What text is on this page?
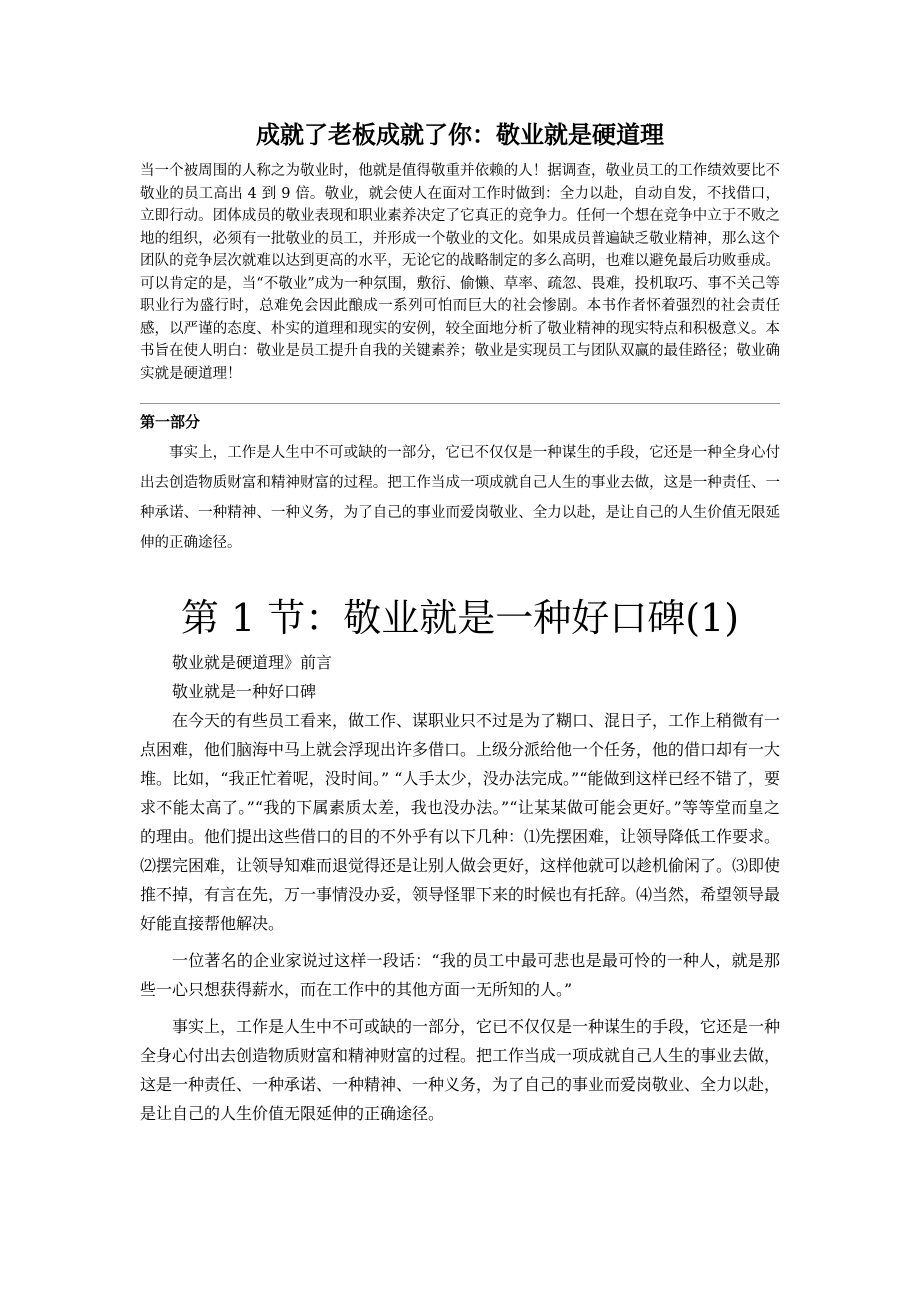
成就了老板成就了你：敬业就是硬道理

当一个被周围的人称之为敬业时，他就是值得敬重并依赖的人！据调查，敬业员工的工作绩效要比不敬业的员工高出 4 到 9 倍。敬业，就会使人在面对工作时做到：全力以赴，自动自发，不找借口，立即行动。团体成员的敬业表现和职业素养决定了它真正的竞争力。任何一个想在竞争中立于不败之地的组织，必须有一批敬业的员工，并形成一个敬业的文化。如果成员普遍缺乏敬业精神，那么这个团队的竞争层次就难以达到更高的水平，无论它的战略制定的多么高明，也难以避免最后功败垂成。可以肯定的是，当“不敬业”成为一种氛围，敷衍、偷懒、草率、疏忽、畏难，投机取巧、事不关己等职业行为盛行时，总难免会因此酿成一系列可怕而巨大的社会惨剧。本书作者怀着强烈的社会责任感，以严谨的态度、朴实的道理和现实的安例，较全面地分析了敬业精神的现实特点和积极意义。本书旨在使人明白：敬业是员工提升自我的关键素养；敬业是实现员工与团队双赢的最佳路径；敬业确实就是硬道理！

第一部分

事实上，工作是人生中不可或缺的一部分，它已不仅仅是一种谋生的手段，它还是一种全身心付出去创造物质财富和精神财富的过程。把工作当成一项成就自己人生的事业去做，这是一种责任、一种承诺、一种精神、一种义务，为了自己的事业而爱岗敬业、全力以赴，是让自己的人生价值无限延伸的正确途径。

第 1 节：敬业就是一种好口碑(1)

敬业就是硬道理》前言

敬业就是一种好口碑

在今天的有些员工看来，做工作、谋职业只不过是为了糊口、混日子，工作上稍微有一点困难，他们脑海中马上就会浮现出许多借口。上级分派给他一个任务，他的借口却有一大堆。比如，“我正忙着呢，没时间。” “人手太少，没办法完成。”“能做到这样已经不错了，要求不能太高了。”“我的下属素质太差，我也没办法。”“让某某做可能会更好。”等等堂而皇之的理由。他们提出这些借口的目的不外乎有以下几种：⑴先摆困难，让领导降低工作要求。⑵摆完困难，让领导知难而退觉得还是让别人做会更好，这样他就可以趁机偷闲了。⑶即使推不掉，有言在先，万一事情没办妥，领导怪罪下来的时候也有托辞。⑷当然，希望领导最好能直接帮他解决。

一位著名的企业家说过这样一段话：“我的员工中最可悲也是最可怜的一种人，就是那些一心只想获得薪水，而在工作中的其他方面一无所知的人。”

事实上，工作是人生中不可或缺的一部分，它已不仅仅是一种谋生的手段，它还是一种全身心付出去创造物质财富和精神财富的过程。把工作当成一项成就自己人生的事业去做，这是一种责任、一种承诺、一种精神、一种义务，为了自己的事业而爱岗敬业、全力以赴，是让自己的人生价值无限延伸的正确途径。
